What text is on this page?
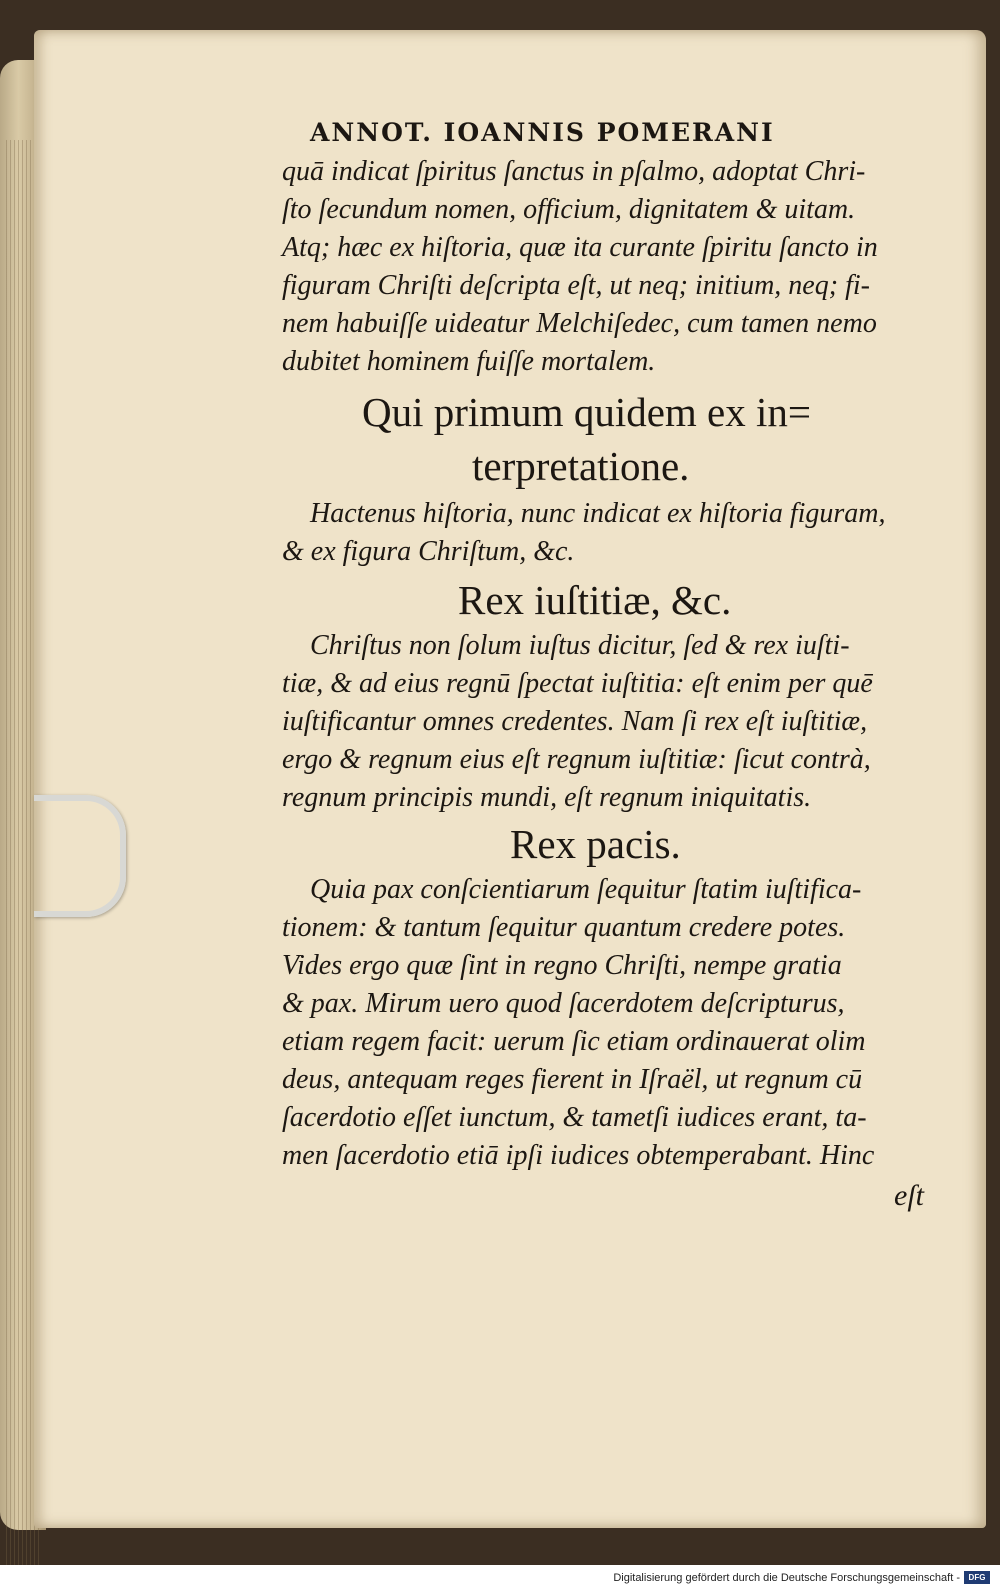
ANNOT. IOANNIS POMERANI
quā indicat ſpiritus ſanctus in pſalmo, adoptat Chri-
ſto ſecundum nomen, officium, dignitatem & uitam.
Atq; hæc ex hiſtoria, quæ ita curante ſpiritu ſancto in
figuram Chriſti deſcripta eſt, ut neq; initium, neq; fi-
nem habuiſſe uideatur Melchiſedec, cum tamen nemo
dubitet hominem fuiſſe mortalem.
Qui primum quidem ex in=
terpretatione.
Hactenus hiſtoria, nunc indicat ex hiſtoria figuram,
& ex figura Chriſtum, &c.
Rex iuſtitiæ, &c.
Chriſtus non ſolum iuſtus dicitur, ſed & rex iuſti-
tiæ, & ad eius regnū ſpectat iuſtitia: eſt enim per quē
iuſtificantur omnes credentes. Nam ſi rex eſt iuſtitiæ,
ergo & regnum eius eſt regnum iuſtitiæ: ſicut contrà,
regnum principis mundi, eſt regnum iniquitatis.
Rex pacis.
Quia pax conſcientiarum ſequitur ſtatim iuſtifica-
tionem: & tantum ſequitur quantum credere potes.
Vides ergo quæ ſint in regno Chriſti, nempe gratia
& pax. Mirum uero quod ſacerdotem deſcripturus,
etiam regem facit: uerum ſic etiam ordinauerat olim
deus, antequam reges fierent in Iſraël, ut regnum cū
ſacerdotio eſſet iunctum, & tametſi iudices erant, ta-
men ſacerdotio etiā ipſi iudices obtemperabant. Hinc
eſt
Digitalisierung gefördert durch die Deutsche Forschungsgemeinschaft -	DFG
